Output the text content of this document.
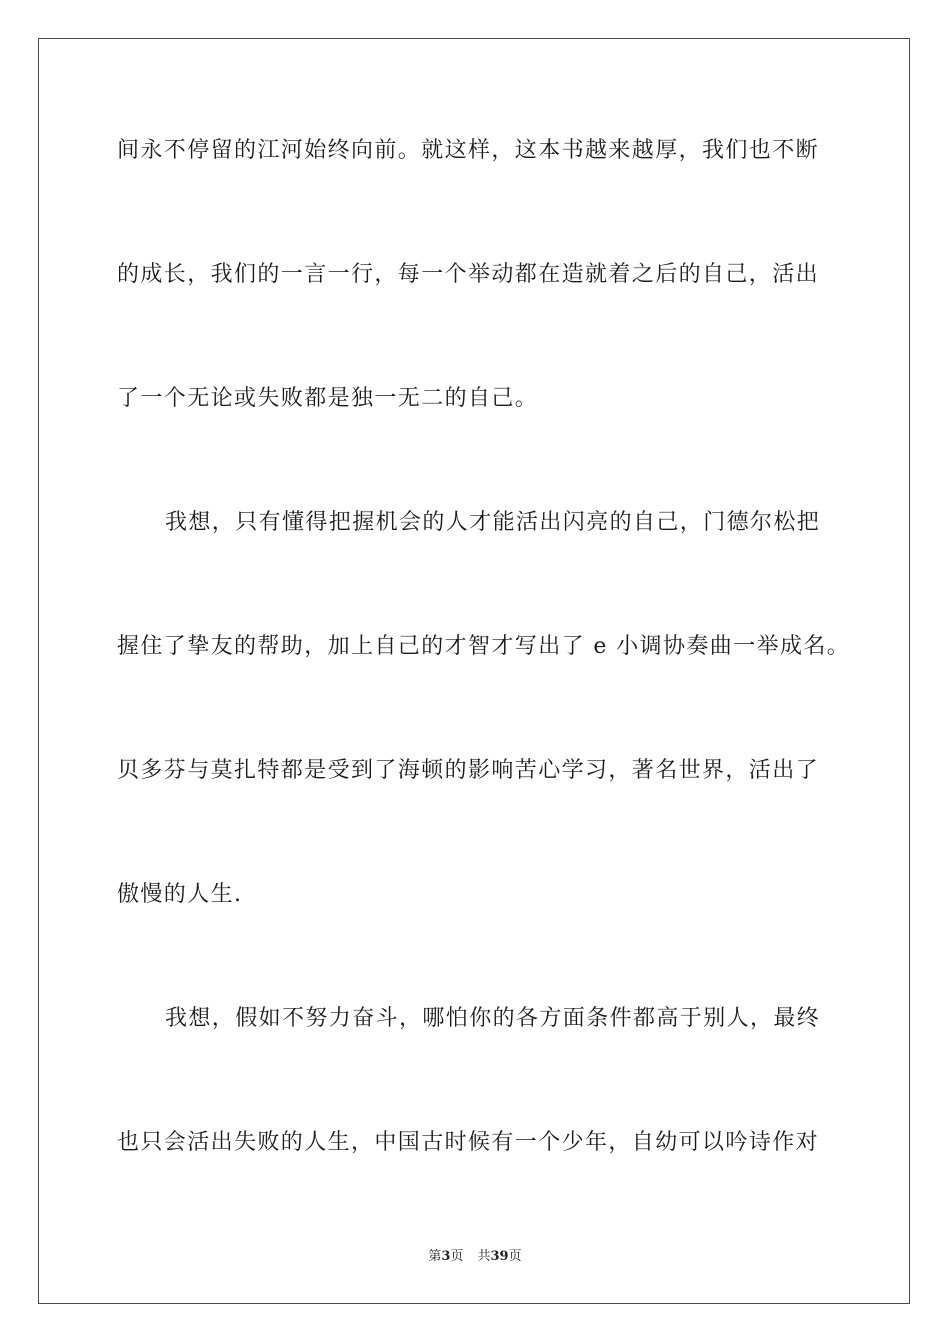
间永不停留的江河始终向前。就这样，这本书越来越厚，我们也不断
的成长，我们的一言一行，每一个举动都在造就着之后的自己，活出
了一个无论或失败都是独一无二的自己。
我想，只有懂得把握机会的人才能活出闪亮的自己，门德尔松把
握住了挚友的帮助，加上自己的才智才写出了 e 小调协奏曲一举成名。
贝多芬与莫扎特都是受到了海顿的影响苦心学习，著名世界，活出了
傲慢的人生.
我想，假如不努力奋斗，哪怕你的各方面条件都高于别人，最终
也只会活出失败的人生，中国古时候有一个少年，自幼可以吟诗作对
第3页 共39页
